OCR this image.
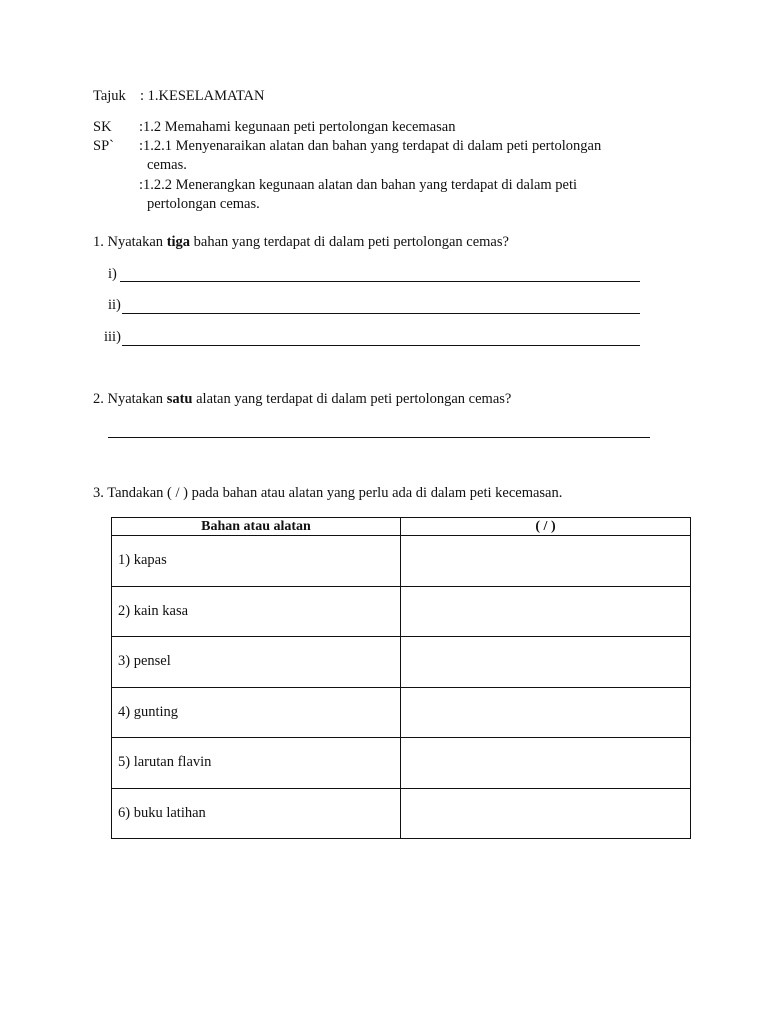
Tajuk : 1.KESELAMATAN
SK :1.2 Memahami kegunaan peti pertolongan kecemasan
SP` :1.2.1 Menyenaraikan alatan dan bahan yang terdapat di dalam peti pertolongan
cemas.
:1.2.2 Menerangkan kegunaan alatan dan bahan yang terdapat di dalam peti
pertolongan cemas.
1. Nyatakan tiga bahan yang terdapat di dalam peti pertolongan cemas?
i)
ii)
iii)
2. Nyatakan satu alatan yang terdapat di dalam peti pertolongan cemas?
3. Tandakan ( / ) pada bahan atau alatan yang perlu ada di dalam peti kecemasan.
Bahan atau alatan	( / )
1) kapas	
2) kain kasa	
3) pensel	
4) gunting	
5) larutan flavin	
6) buku latihan	
